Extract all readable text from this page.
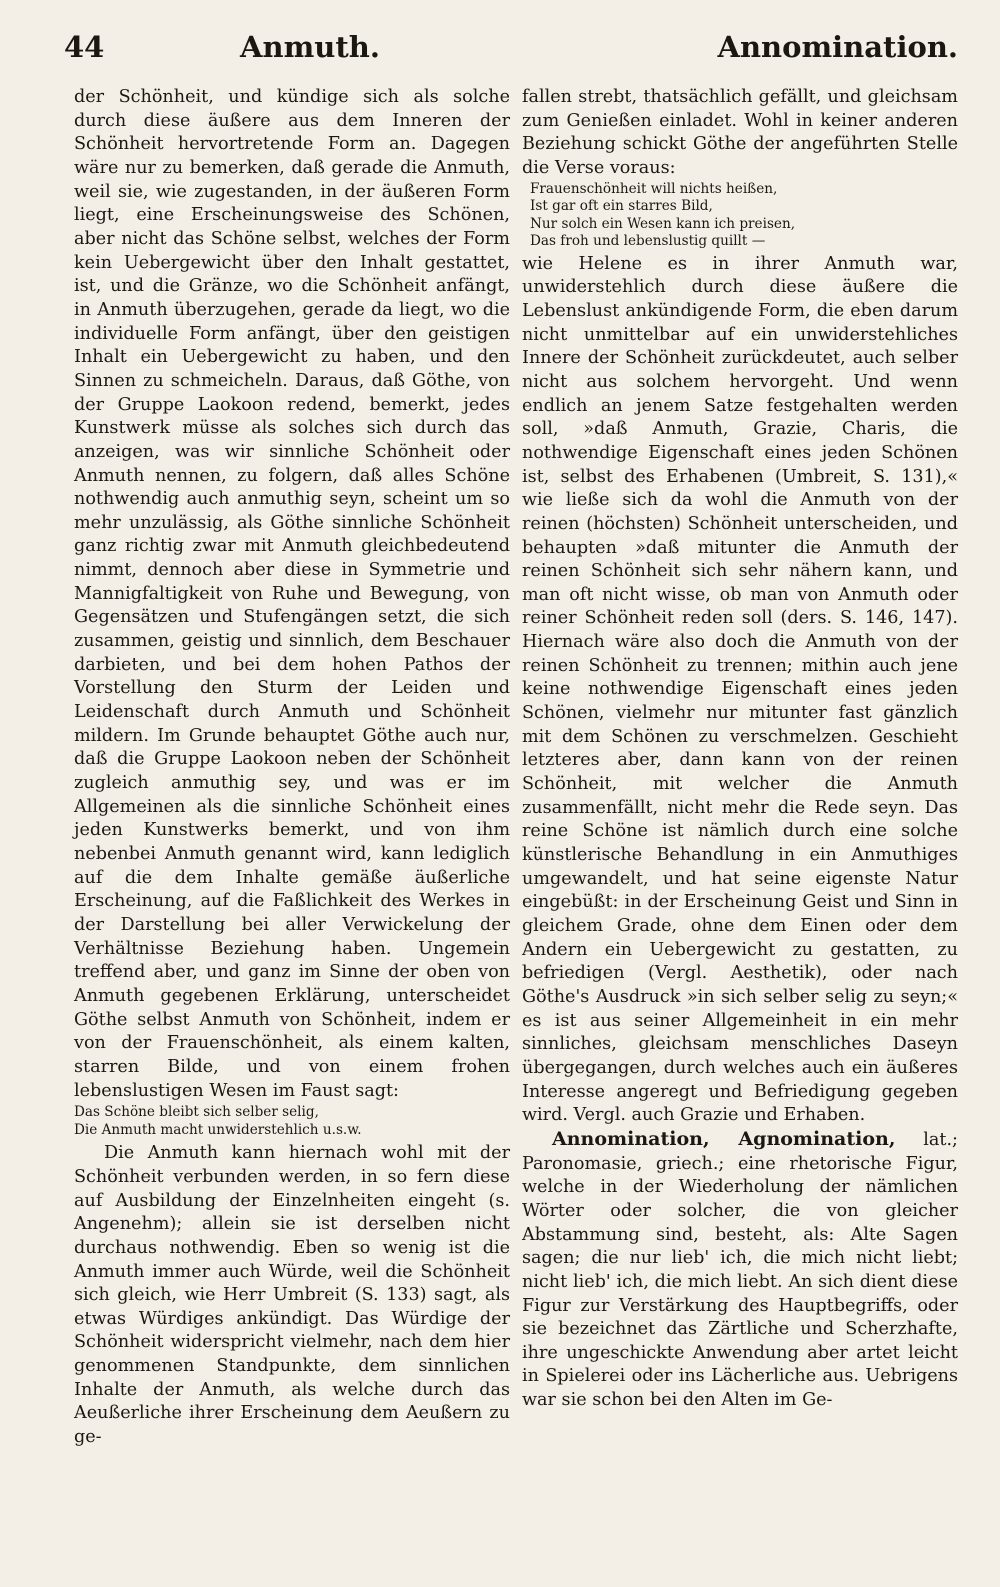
44	Anmuth.	Annomination.

der Schönheit, und kündige sich als solche durch diese äußere aus dem Inneren der Schönheit hervortretende Form an. Dagegen wäre nur zu bemerken, daß gerade die Anmuth, weil sie, wie zugestanden, in der äußeren Form liegt, eine Erscheinungsweise des Schönen, aber nicht das Schöne selbst, welches der Form kein Uebergewicht über den Inhalt gestattet, ist, und die Gränze, wo die Schönheit anfängt, in Anmuth überzugehen, gerade da liegt, wo die individuelle Form anfängt, über den geistigen Inhalt ein Uebergewicht zu haben, und den Sinnen zu schmeicheln. Daraus, daß Göthe, von der Gruppe Laokoon redend, bemerkt, jedes Kunstwerk müsse als solches sich durch das anzeigen, was wir sinnliche Schönheit oder Anmuth nennen, zu folgern, daß alles Schöne nothwendig auch anmuthig seyn, scheint um so mehr unzulässig, als Göthe sinnliche Schönheit ganz richtig zwar mit Anmuth gleichbedeutend nimmt, dennoch aber diese in Symmetrie und Mannigfaltigkeit von Ruhe und Bewegung, von Gegensätzen und Stufengängen setzt, die sich zusammen, geistig und sinnlich, dem Beschauer darbieten, und bei dem hohen Pathos der Vorstellung den Sturm der Leiden und Leidenschaft durch Anmuth und Schönheit mildern. Im Grunde behauptet Göthe auch nur, daß die Gruppe Laokoon neben der Schönheit zugleich anmuthig sey, und was er im Allgemeinen als die sinnliche Schönheit eines jeden Kunstwerks bemerkt, und von ihm nebenbei Anmuth genannt wird, kann lediglich auf die dem Inhalte gemäße äußerliche Erscheinung, auf die Faßlichkeit des Werkes in der Darstellung bei aller Verwickelung der Verhältnisse Beziehung haben. Ungemein treffend aber, und ganz im Sinne der oben von Anmuth gegebenen Erklärung, unterscheidet Göthe selbst Anmuth von Schönheit, indem er von der Frauenschönheit, als einem kalten, starren Bilde, und von einem frohen lebenslustigen Wesen im Faust sagt:

Das Schöne bleibt sich selber selig,
Die Anmuth macht unwiderstehlich u.s.w.

Die Anmuth kann hiernach wohl mit der Schönheit verbunden werden, in so fern diese auf Ausbildung der Einzelnheiten eingeht (s. Angenehm); allein sie ist derselben nicht durchaus nothwendig. Eben so wenig ist die Anmuth immer auch Würde, weil die Schönheit sich gleich, wie Herr Umbreit (S. 133) sagt, als etwas Würdiges ankündigt. Das Würdige der Schönheit widerspricht vielmehr, nach dem hier genommenen Standpunkte, dem sinnlichen Inhalte der Anmuth, als welche durch das Aeußerliche ihrer Erscheinung dem Aeußern zu ge-

fallen strebt, thatsächlich gefällt, und gleichsam zum Genießen einladet. Wohl in keiner anderen Beziehung schickt Göthe der angeführten Stelle die Verse voraus:

Frauenschönheit will nichts heißen,
Ist gar oft ein starres Bild,
Nur solch ein Wesen kann ich preisen,
Das froh und lebenslustig quillt —

wie Helene es in ihrer Anmuth war, unwiderstehlich durch diese äußere die Lebenslust ankündigende Form, die eben darum nicht unmittelbar auf ein unwiderstehliches Innere der Schönheit zurückdeutet, auch selber nicht aus solchem hervorgeht. Und wenn endlich an jenem Satze festgehalten werden soll, »daß Anmuth, Grazie, Charis, die nothwendige Eigenschaft eines jeden Schönen ist, selbst des Erhabenen (Umbreit, S. 131),« wie ließe sich da wohl die Anmuth von der reinen (höchsten) Schönheit unterscheiden, und behaupten »daß mitunter die Anmuth der reinen Schönheit sich sehr nähern kann, und man oft nicht wisse, ob man von Anmuth oder reiner Schönheit reden soll (ders. S. 146, 147). Hiernach wäre also doch die Anmuth von der reinen Schönheit zu trennen; mithin auch jene keine nothwendige Eigenschaft eines jeden Schönen, vielmehr nur mitunter fast gänzlich mit dem Schönen zu verschmelzen. Geschieht letzteres aber, dann kann von der reinen Schönheit, mit welcher die Anmuth zusammenfällt, nicht mehr die Rede seyn. Das reine Schöne ist nämlich durch eine solche künstlerische Behandlung in ein Anmuthiges umgewandelt, und hat seine eigenste Natur eingebüßt: in der Erscheinung Geist und Sinn in gleichem Grade, ohne dem Einen oder dem Andern ein Uebergewicht zu gestatten, zu befriedigen (Vergl. Aesthetik), oder nach Göthe's Ausdruck »in sich selber selig zu seyn;« es ist aus seiner Allgemeinheit in ein mehr sinnliches, gleichsam menschliches Daseyn übergegangen, durch welches auch ein äußeres Interesse angeregt und Befriedigung gegeben wird. Vergl. auch Grazie und Erhaben.

Annomination, Agnomination, lat.; Paronomasie, griech.; eine rhetorische Figur, welche in der Wiederholung der nämlichen Wörter oder solcher, die von gleicher Abstammung sind, besteht, als: Alte Sagen sagen; die nur lieb' ich, die mich nicht liebt; nicht lieb' ich, die mich liebt. An sich dient diese Figur zur Verstärkung des Hauptbegriffs, oder sie bezeichnet das Zärtliche und Scherzhafte, ihre ungeschickte Anwendung aber artet leicht in Spielerei oder ins Lächerliche aus. Uebrigens war sie schon bei den Alten im Ge-
